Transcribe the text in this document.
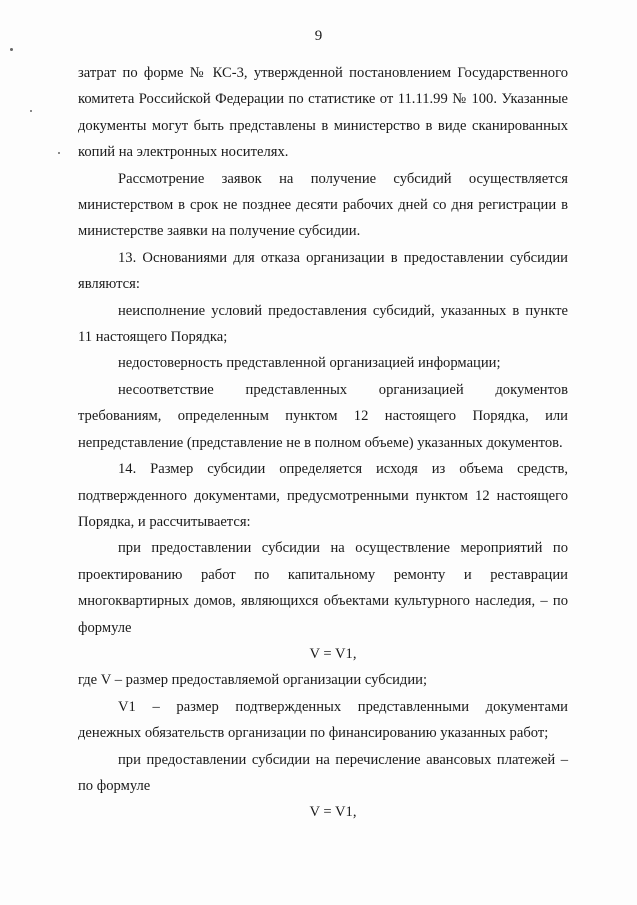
9

затрат по форме № КС-3, утвержденной постановлением Государственного комитета Российской Федерации по статистике от 11.11.99 № 100. Указанные документы могут быть представлены в министерство в виде сканированных копий на электронных носителях.

Рассмотрение заявок на получение субсидий осуществляется министерством в срок не позднее десяти рабочих дней со дня регистрации в министерстве заявки на получение субсидии.

13. Основаниями для отказа организации в предоставлении субсидии являются:

неисполнение условий предоставления субсидий, указанных в пункте 11 настоящего Порядка;

недостоверность представленной организацией информации;

несоответствие представленных организацией документов требованиям, определенным пунктом 12 настоящего Порядка, или непредставление (представление не в полном объеме) указанных документов.

14. Размер субсидии определяется исходя из объема средств, подтвержденного документами, предусмотренными пунктом 12 настоящего Порядка, и рассчитывается:

при предоставлении субсидии на осуществление мероприятий по проектированию работ по капитальному ремонту и реставрации многоквартирных домов, являющихся объектами культурного наследия, – по формуле

V = V1,

где V – размер предоставляемой организации субсидии;

V1 – размер подтвержденных представленными документами денежных обязательств организации по финансированию указанных работ;

при предоставлении субсидии на перечисление авансовых платежей – по формуле

V = V1,
